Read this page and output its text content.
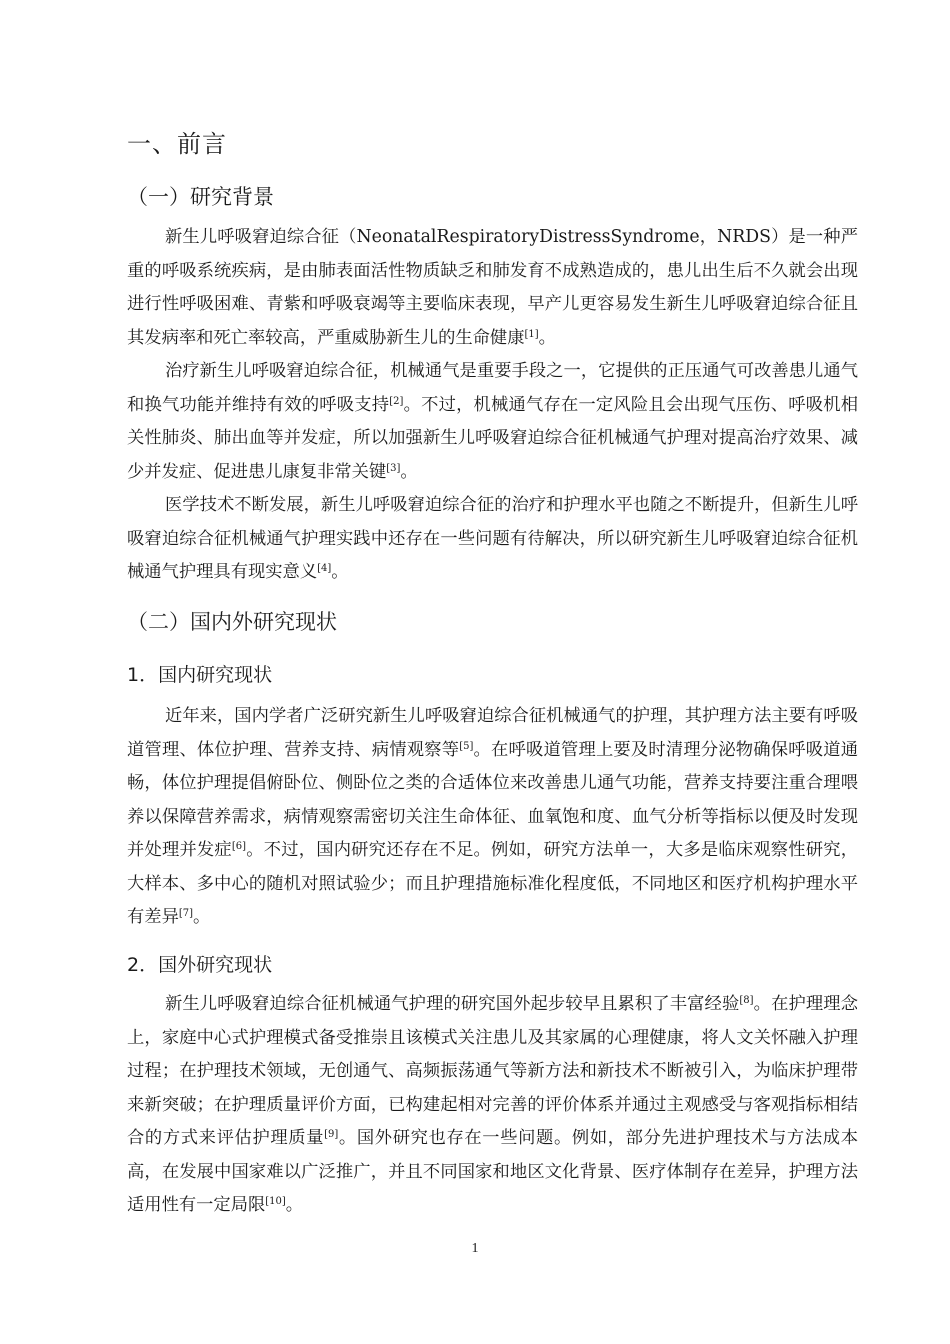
一、前言
（一）研究背景

新生儿呼吸窘迫综合征（NeonatalRespiratoryDistressSyndrome，NRDS）是一种严重的呼吸系统疾病，是由肺表面活性物质缺乏和肺发育不成熟造成的，患儿出生后不久就会出现进行性呼吸困难、青紫和呼吸衰竭等主要临床表现，早产儿更容易发生新生儿呼吸窘迫综合征且其发病率和死亡率较高，严重威胁新生儿的生命健康[1]。

治疗新生儿呼吸窘迫综合征，机械通气是重要手段之一，它提供的正压通气可改善患儿通气和换气功能并维持有效的呼吸支持[2]。不过，机械通气存在一定风险且会出现气压伤、呼吸机相关性肺炎、肺出血等并发症，所以加强新生儿呼吸窘迫综合征机械通气护理对提高治疗效果、减少并发症、促进患儿康复非常关键[3]。

医学技术不断发展，新生儿呼吸窘迫综合征的治疗和护理水平也随之不断提升，但新生儿呼吸窘迫综合征机械通气护理实践中还存在一些问题有待解决，所以研究新生儿呼吸窘迫综合征机械通气护理具有现实意义[4]。

（二）国内外研究现状
1．国内研究现状

近年来，国内学者广泛研究新生儿呼吸窘迫综合征机械通气的护理，其护理方法主要有呼吸道管理、体位护理、营养支持、病情观察等[5]。在呼吸道管理上要及时清理分泌物确保呼吸道通畅，体位护理提倡俯卧位、侧卧位之类的合适体位来改善患儿通气功能，营养支持要注重合理喂养以保障营养需求，病情观察需密切关注生命体征、血氧饱和度、血气分析等指标以便及时发现并处理并发症[6]。不过，国内研究还存在不足。例如，研究方法单一，大多是临床观察性研究，大样本、多中心的随机对照试验少；而且护理措施标准化程度低，不同地区和医疗机构护理水平有差异[7]。

2．国外研究现状

新生儿呼吸窘迫综合征机械通气护理的研究国外起步较早且累积了丰富经验[8]。在护理理念上，家庭中心式护理模式备受推崇且该模式关注患儿及其家属的心理健康，将人文关怀融入护理过程；在护理技术领域，无创通气、高频振荡通气等新方法和新技术不断被引入，为临床护理带来新突破；在护理质量评价方面，已构建起相对完善的评价体系并通过主观感受与客观指标相结合的方式来评估护理质量[9]。国外研究也存在一些问题。例如，部分先进护理技术与方法成本高，在发展中国家难以广泛推广，并且不同国家和地区文化背景、医疗体制存在差异，护理方法适用性有一定局限[10]。

1
